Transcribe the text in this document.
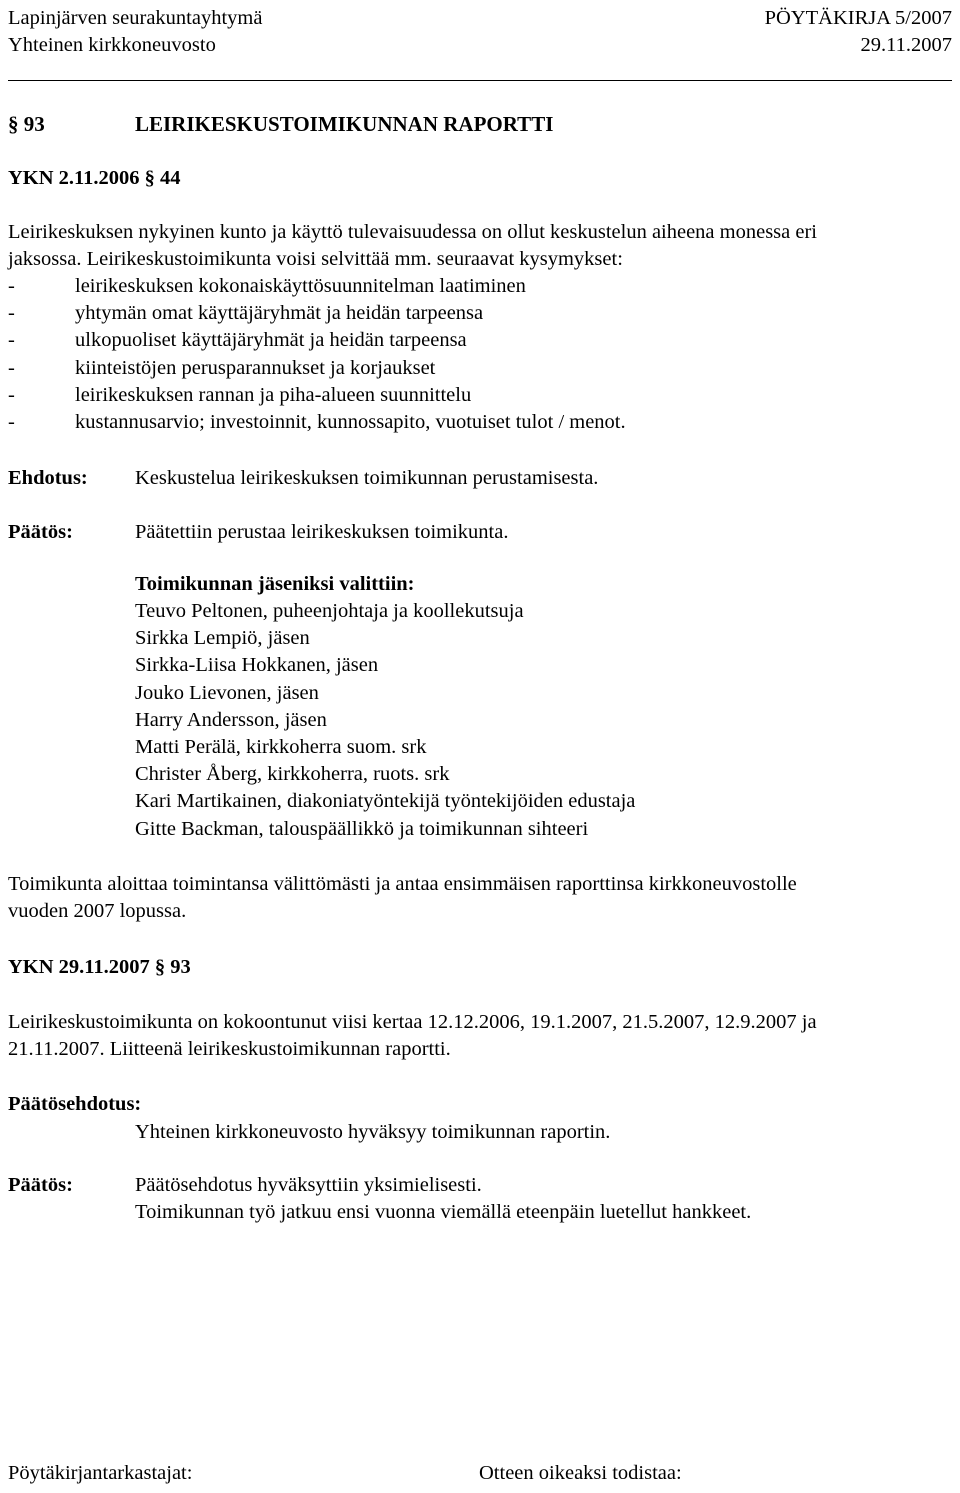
Lapinjärven seurakuntayhtymä	PÖYTÄKIRJA 5/2007
Yhteinen kirkkoneuvosto	29.11.2007
§ 93	LEIRIKESKUSTOIMIKUNNAN RAPORTTI
YKN 2.11.2006 § 44
Leirikeskuksen nykyinen kunto ja käyttö tulevaisuudessa on ollut keskustelun aiheena monessa eri
jaksossa. Leirikeskustoimikunta voisi selvittää mm. seuraavat kysymykset:
-	leirikeskuksen kokonaiskäyttösuunnitelman laatiminen
-	yhtymän omat käyttäjäryhmät ja heidän tarpeensa
-	ulkopuoliset käyttäjäryhmät ja heidän tarpeensa
-	kiinteistöjen perusparannukset ja korjaukset
-	leirikeskuksen rannan ja piha-alueen suunnittelu
-	kustannusarvio; investoinnit, kunnossapito, vuotuiset tulot / menot.
Ehdotus:	Keskustelua leirikeskuksen toimikunnan perustamisesta.
Päätös:	Päätettiin perustaa leirikeskuksen toimikunta.
Toimikunnan jäseniksi valittiin:
Teuvo Peltonen, puheenjohtaja ja koollekutsuja
Sirkka Lempiö, jäsen
Sirkka-Liisa Hokkanen, jäsen
Jouko Lievonen, jäsen
Harry Andersson, jäsen
Matti Perälä, kirkkoherra suom. srk
Christer Åberg, kirkkoherra, ruots. srk
Kari Martikainen, diakoniatyöntekijä työntekijöiden edustaja
Gitte Backman, talouspäällikkö ja toimikunnan sihteeri
Toimikunta aloittaa toimintansa välittömästi ja antaa ensimmäisen raporttinsa kirkkoneuvostolle
vuoden 2007 lopussa.
YKN 29.11.2007 § 93
Leirikeskustoimikunta on kokoontunut viisi kertaa 12.12.2006, 19.1.2007, 21.5.2007, 12.9.2007 ja
21.11.2007. Liitteenä leirikeskustoimikunnan raportti.
Päätösehdotus:
Yhteinen kirkkoneuvosto hyväksyy toimikunnan raportin.
Päätös:	Päätösehdotus hyväksyttiin yksimielisesti.
Toimikunnan työ jatkuu ensi vuonna viemällä eteenpäin luetellut hankkeet.
Pöytäkirjantarkastajat:	Otteen oikeaksi todistaa:
